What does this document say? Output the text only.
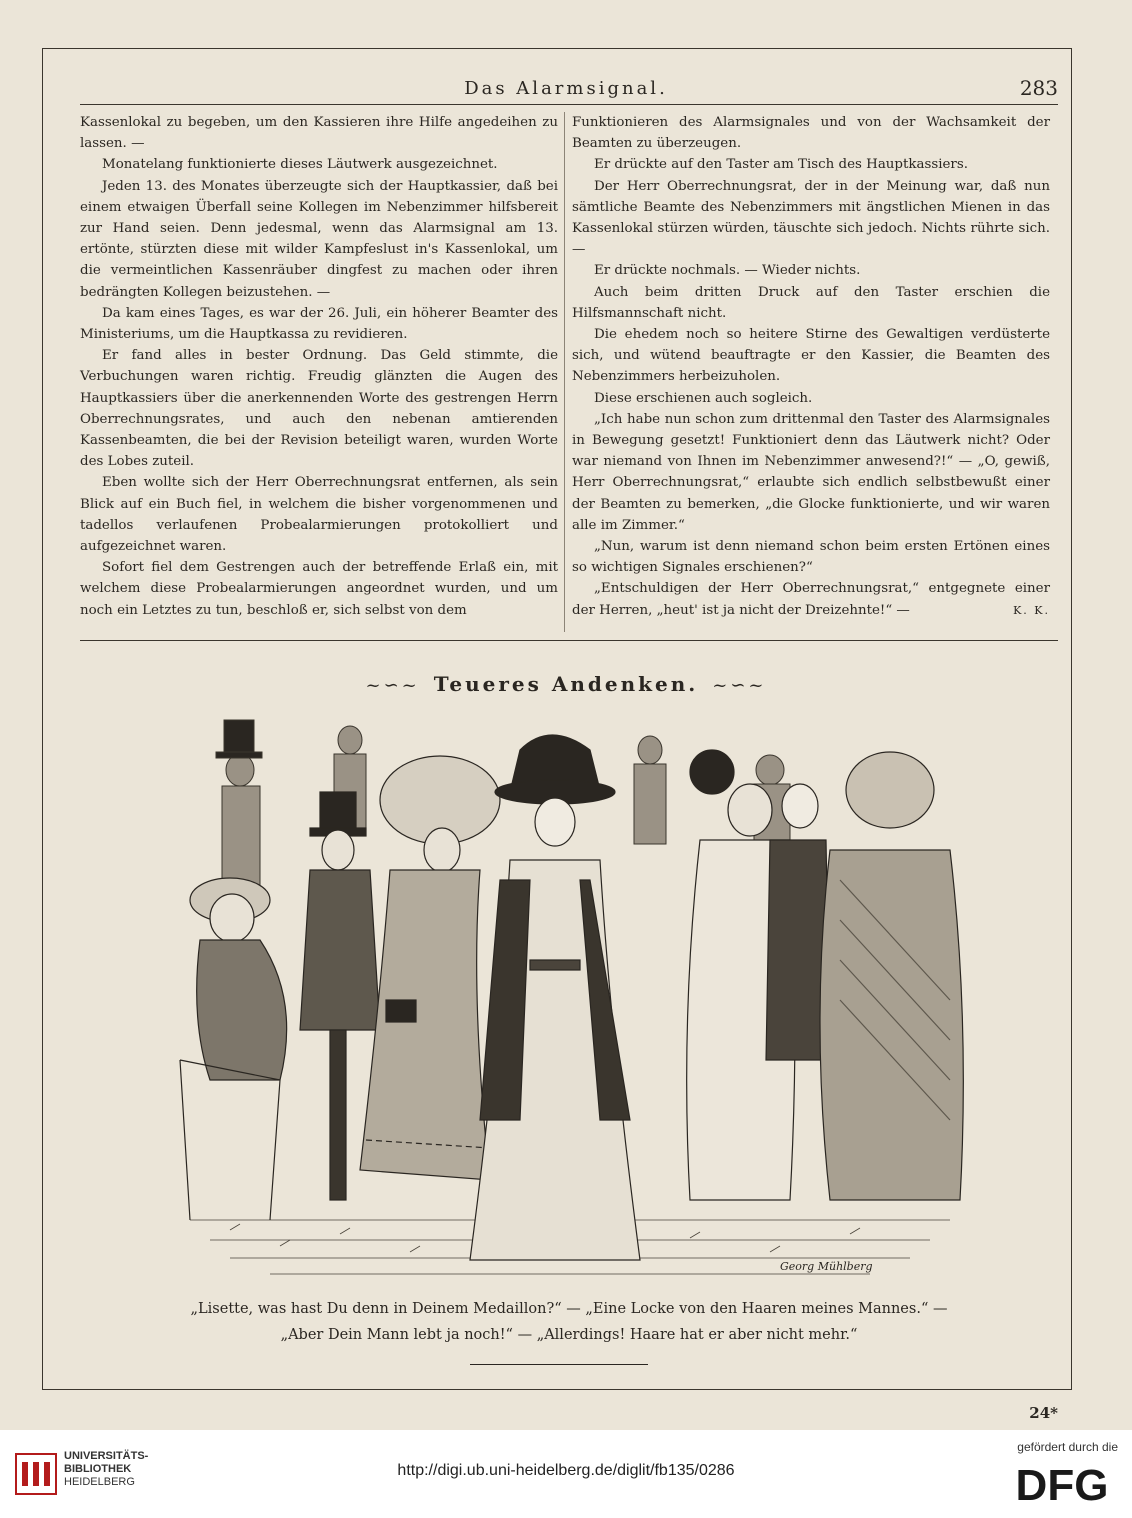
Das Alarmsignal.	283

Kassenlokal zu begeben, um den Kassieren ihre Hilfe angedeihen zu lassen. —

Monatelang funktionierte dieses Läutwerk ausgezeichnet.

Jeden 13. des Monates überzeugte sich der Hauptkassier, daß bei einem etwaigen Überfall seine Kollegen im Nebenzimmer hilfsbereit zur Hand seien. Denn jedesmal, wenn das Alarmsignal am 13. ertönte, stürzten diese mit wilder Kampfeslust in's Kassenlokal, um die vermeintlichen Kassenräuber dingfest zu machen oder ihren bedrängten Kollegen beizustehen. —

Da kam eines Tages, es war der 26. Juli, ein höherer Beamter des Ministeriums, um die Hauptkassa zu revidieren.

Er fand alles in bester Ordnung. Das Geld stimmte, die Verbuchungen waren richtig. Freudig glänzten die Augen des Hauptkassiers über die anerkennenden Worte des gestrengen Herrn Oberrechnungsrates, und auch den nebenan amtierenden Kassenbeamten, die bei der Revision beteiligt waren, wurden Worte des Lobes zuteil.

Eben wollte sich der Herr Oberrechnungsrat entfernen, als sein Blick auf ein Buch fiel, in welchem die bisher vorgenommenen und tadellos verlaufenen Probealarmierungen protokolliert und aufgezeichnet waren.

Sofort fiel dem Gestrengen auch der betreffende Erlaß ein, mit welchem diese Probealarmierungen angeordnet wurden, und um noch ein Letztes zu tun, beschloß er, sich selbst von dem

Funktionieren des Alarmsignales und von der Wachsamkeit der Beamten zu überzeugen.

Er drückte auf den Taster am Tisch des Hauptkassiers.

Der Herr Oberrechnungsrat, der in der Meinung war, daß nun sämtliche Beamte des Nebenzimmers mit ängstlichen Mienen in das Kassenlokal stürzen würden, täuschte sich jedoch. Nichts rührte sich. —

Er drückte nochmals. — Wieder nichts.

Auch beim dritten Druck auf den Taster erschien die Hilfsmannschaft nicht.

Die ehedem noch so heitere Stirne des Gewaltigen verdüsterte sich, und wütend beauftragte er den Kassier, die Beamten des Nebenzimmers herbeizuholen.

Diese erschienen auch sogleich.

„Ich habe nun schon zum drittenmal den Taster des Alarmsignales in Bewegung gesetzt! Funktioniert denn das Läutwerk nicht? Oder war niemand von Ihnen im Nebenzimmer anwesend?!“ — „O, gewiß, Herr Oberrechnungsrat,“ erlaubte sich endlich selbstbewußt einer der Beamten zu bemerken, „die Glocke funktionierte, und wir waren alle im Zimmer.“

„Nun, warum ist denn niemand schon beim ersten Ertönen eines so wichtigen Signales erschienen?“

„Entschuldigen der Herr Oberrechnungsrat,“ entgegnete einer der Herren, „heut' ist ja nicht der Dreizehnte!“ —	K. K.

~∽~ Teueres Andenken. ~∽~
Georg Mühlberg
„Lisette, was hast Du denn in Deinem Medaillon?“ — „Eine Locke von den Haaren meines Mannes.“ —
„Aber Dein Mann lebt ja noch!“ — „Allerdings! Haare hat er aber nicht mehr.“
24*
UNIVERSITÄTS-
BIBLIOTHEK
HEIDELBERG
http://digi.ub.uni-heidelberg.de/diglit/fb135/0286
gefördert durch die
DFG
